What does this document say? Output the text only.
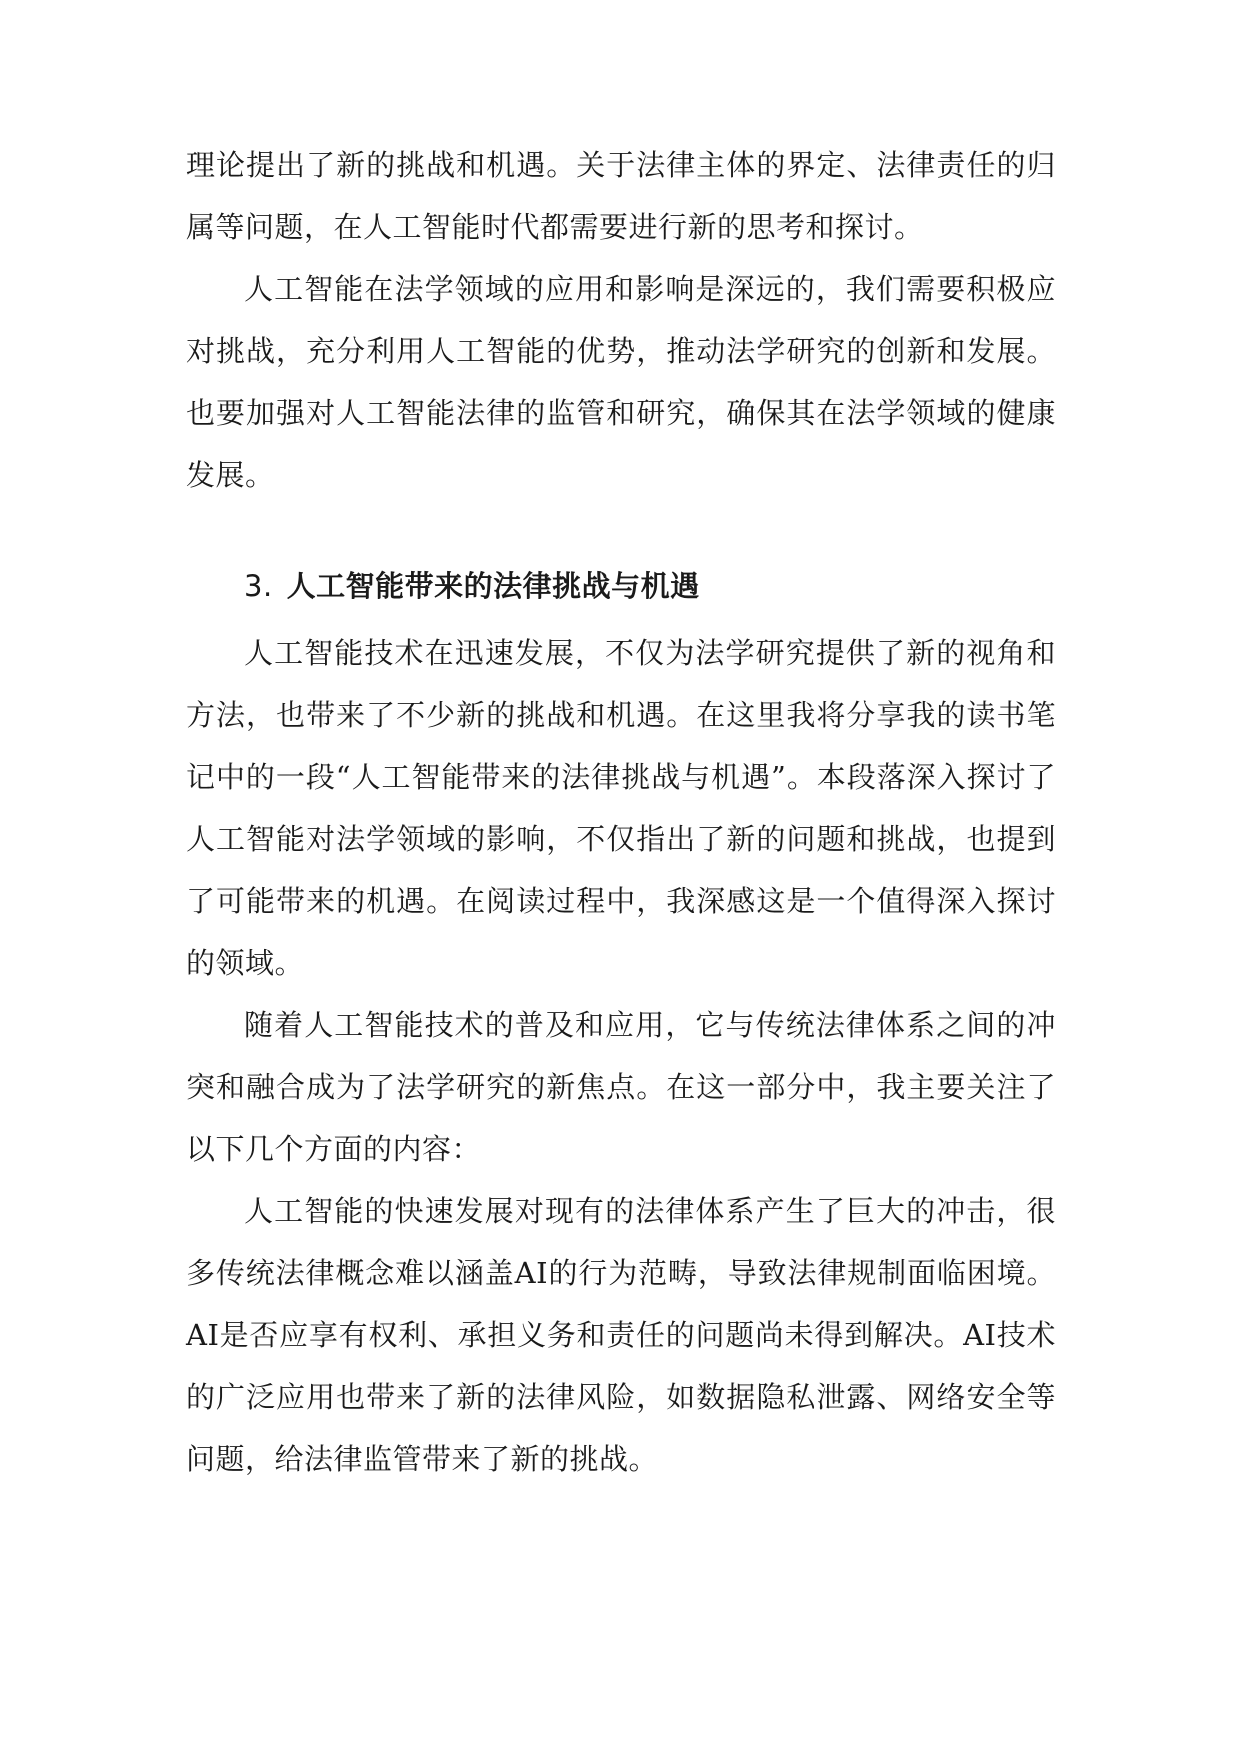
理论提出了新的挑战和机遇。关于法律主体的界定、法律责任的归属等问题，在人工智能时代都需要进行新的思考和探讨。

人工智能在法学领域的应用和影响是深远的，我们需要积极应对挑战，充分利用人工智能的优势，推动法学研究的创新和发展。也要加强对人工智能法律的监管和研究，确保其在法学领域的健康发展。

3. 人工智能带来的法律挑战与机遇

人工智能技术在迅速发展，不仅为法学研究提供了新的视角和方法，也带来了不少新的挑战和机遇。在这里我将分享我的读书笔记中的一段“人工智能带来的法律挑战与机遇”。本段落深入探讨了人工智能对法学领域的影响，不仅指出了新的问题和挑战，也提到了可能带来的机遇。在阅读过程中，我深感这是一个值得深入探讨的领域。

随着人工智能技术的普及和应用，它与传统法律体系之间的冲突和融合成为了法学研究的新焦点。在这一部分中，我主要关注了以下几个方面的内容：

人工智能的快速发展对现有的法律体系产生了巨大的冲击，很多传统法律概念难以涵盖AI的行为范畴，导致法律规制面临困境。AI是否应享有权利、承担义务和责任的问题尚未得到解决。AI技术的广泛应用也带来了新的法律风险，如数据隐私泄露、网络安全等问题，给法律监管带来了新的挑战。
